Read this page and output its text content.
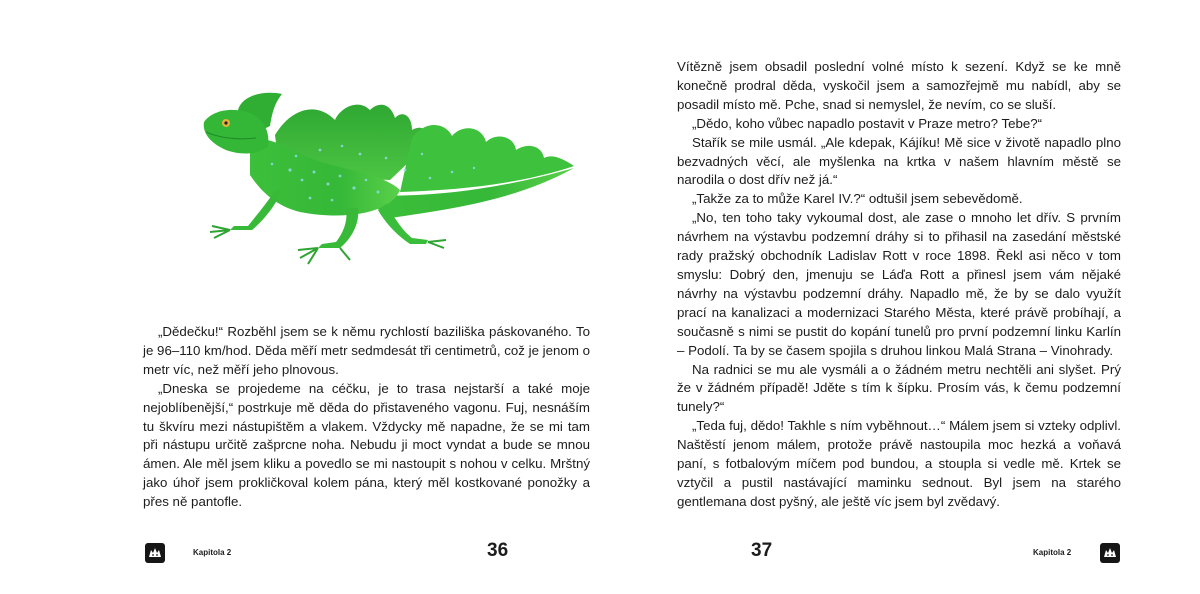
„Dědečku!“ Rozběhl jsem se k němu rychlostí baziliška páskovaného. To je 96–110 km/hod. Děda měří metr sedmdesát tři centimetrů, což je jenom o metr víc, než měří jeho plnovous.

„Dneska se projedeme na céčku, je to trasa nejstarší a také moje nejoblíbenější,“ postrkuje mě děda do přistaveného vagonu. Fuj, nesnáším tu škvíru mezi nástupištěm a vlakem. Vždycky mě napadne, že se mi tam při nástupu určitě zašprcne noha. Nebudu ji moct vyndat a bude se mnou ámen. Ale měl jsem kliku a povedlo se mi nastoupit s nohou v celku. Mrštný jako úhoř jsem prokličkoval kolem pána, který měl kostkované ponožky a přes ně pantofle.

Kapitola 2	36

Vítězně jsem obsadil poslední volné místo k sezení. Když se ke mně konečně prodral děda, vyskočil jsem a samozřejmě mu nabídl, aby se posadil místo mě. Pche, snad si nemyslel, že nevím, co se sluší.

„Dědo, koho vůbec napadlo postavit v Praze metro? Tebe?“

Stařík se mile usmál. „Ale kdepak, Kájíku! Mě sice v životě napadlo plno bezvadných věcí, ale myšlenka na krtka v našem hlavním městě se narodila o dost dřív než já.“

„Takže za to může Karel IV.?“ odtušil jsem sebevědomě.

„No, ten toho taky vykoumal dost, ale zase o mnoho let dřív. S prvním návrhem na výstavbu podzemní dráhy si to přihasil na zasedání městské rady pražský obchodník Ladislav Rott v roce 1898. Řekl asi něco v tom smyslu: Dobrý den, jmenuju se Láďa Rott a přinesl jsem vám nějaké návrhy na výstavbu podzemní dráhy. Napadlo mě, že by se dalo využít prací na kanalizaci a modernizaci Starého Města, které právě probíhají, a současně s nimi se pustit do kopání tunelů pro první podzemní linku Karlín – Podolí. Ta by se časem spojila s druhou linkou Malá Strana – Vinohrady.

Na radnici se mu ale vysmáli a o žádném metru nechtěli ani slyšet. Prý že v žádném případě! Jděte s tím k šípku. Prosím vás, k čemu podzemní tunely?“

„Teda fuj, dědo! Takhle s ním vyběhnout…“ Málem jsem si vzteky odplivl. Naštěstí jenom málem, protože právě nastoupila moc hezká a voňavá paní, s fotbalovým míčem pod bundou, a stoupla si vedle mě. Krtek se vztyčil a pustil nastávající maminku sednout. Byl jsem na starého gentlemana dost pyšný, ale ještě víc jsem byl zvědavý.

37	Kapitola 2
